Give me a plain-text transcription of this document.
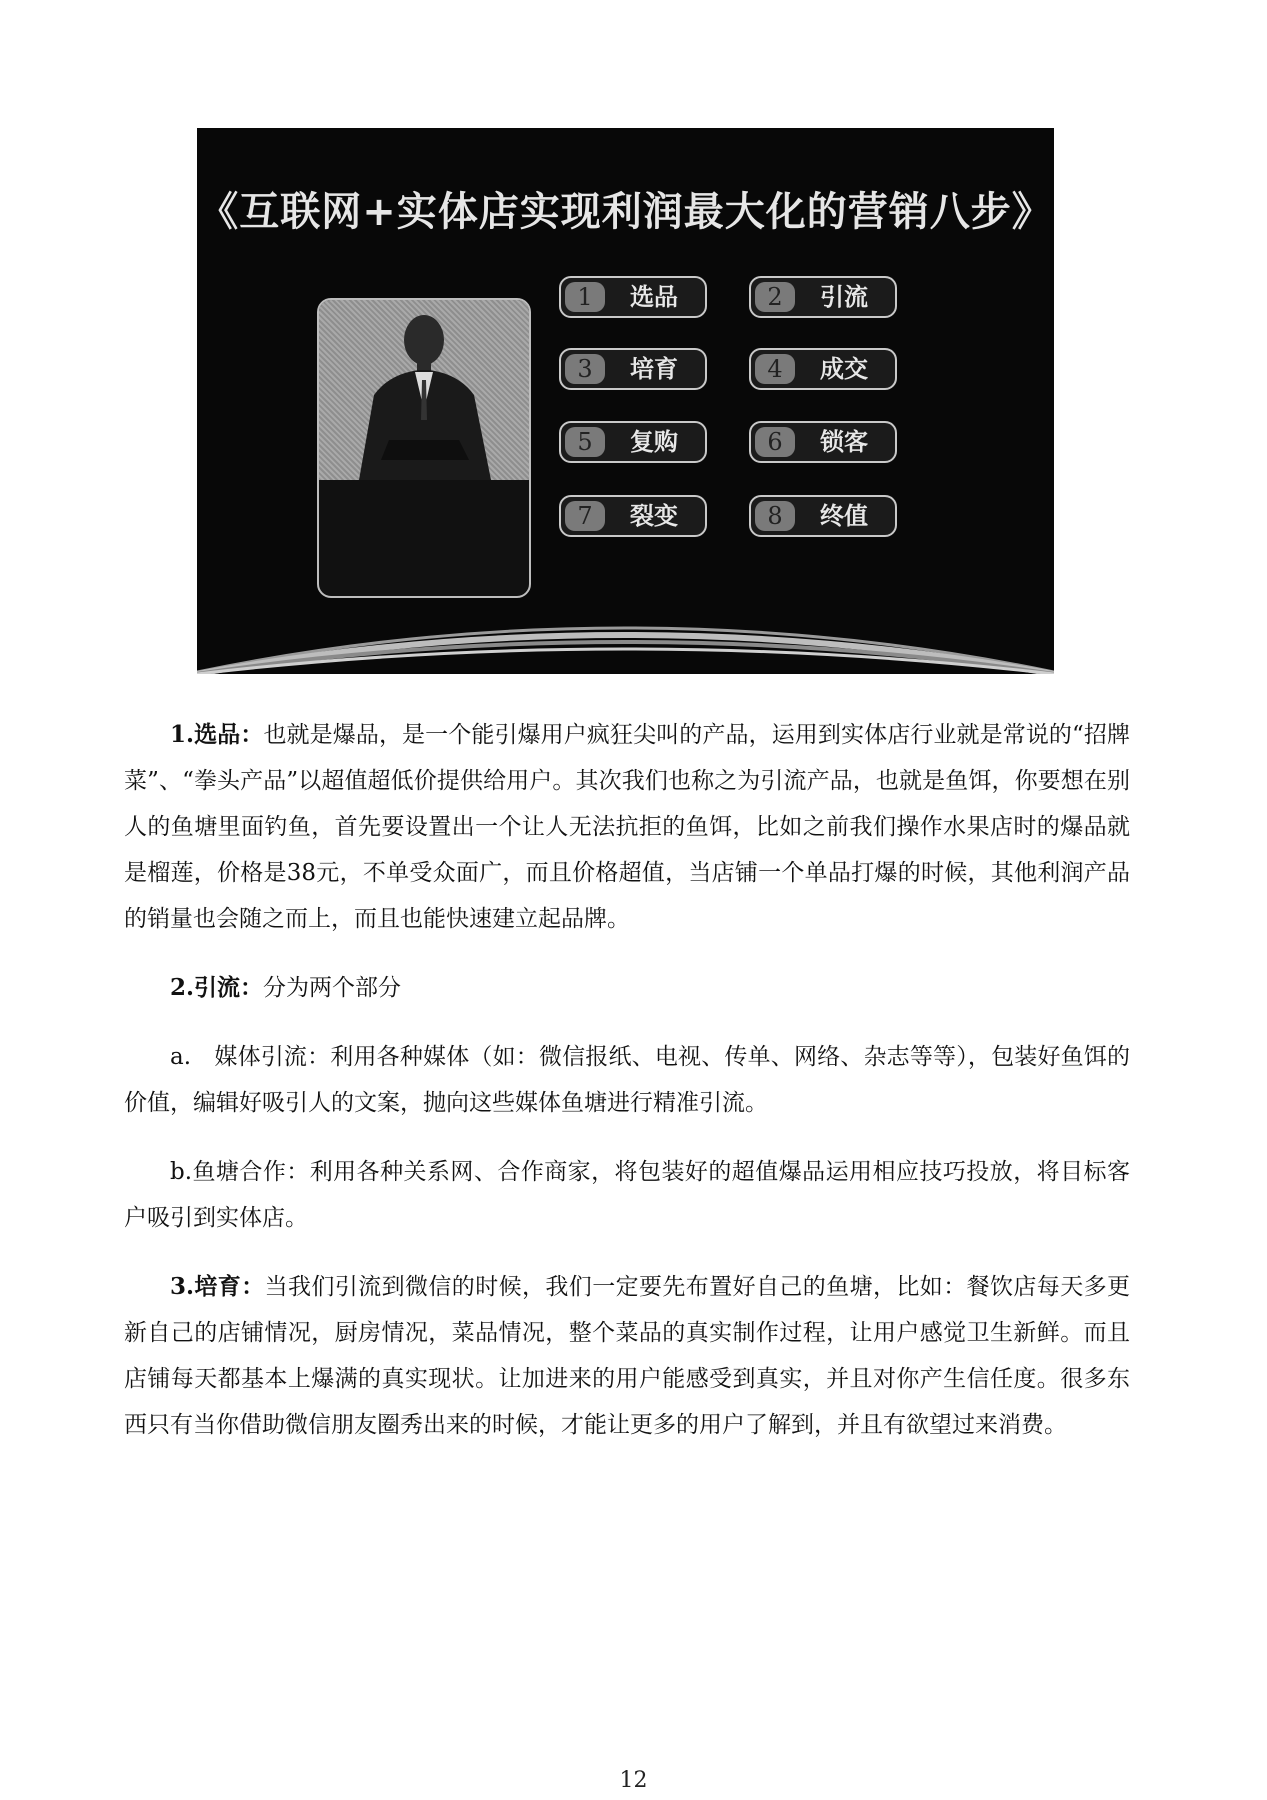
《互联网+实体店实现利润最大化的营销八步》
1	选品	2	引流
3	培育	4	成交
5	复购	6	锁客
7	裂变	8	终值

1.选品：也就是爆品，是一个能引爆用户疯狂尖叫的产品，运用到实体店行业就是常说的“招牌菜”、“拳头产品”以超值超低价提供给用户。其次我们也称之为引流产品，也就是鱼饵，你要想在别人的鱼塘里面钓鱼，首先要设置出一个让人无法抗拒的鱼饵，比如之前我们操作水果店时的爆品就是榴莲，价格是38元，不单受众面广，而且价格超值，当店铺一个单品打爆的时候，其他利润产品的销量也会随之而上，而且也能快速建立起品牌。

2.引流：分为两个部分

a.　媒体引流：利用各种媒体（如：微信报纸、电视、传单、网络、杂志等等），包装好鱼饵的价值，编辑好吸引人的文案，抛向这些媒体鱼塘进行精准引流。

b.鱼塘合作：利用各种关系网、合作商家，将包装好的超值爆品运用相应技巧投放，将目标客户吸引到实体店。

3.培育：当我们引流到微信的时候，我们一定要先布置好自己的鱼塘，比如：餐饮店每天多更新自己的店铺情况，厨房情况，菜品情况，整个菜品的真实制作过程，让用户感觉卫生新鲜。而且店铺每天都基本上爆满的真实现状。让加进来的用户能感受到真实，并且对你产生信任度。很多东西只有当你借助微信朋友圈秀出来的时候，才能让更多的用户了解到，并且有欲望过来消费。

12
